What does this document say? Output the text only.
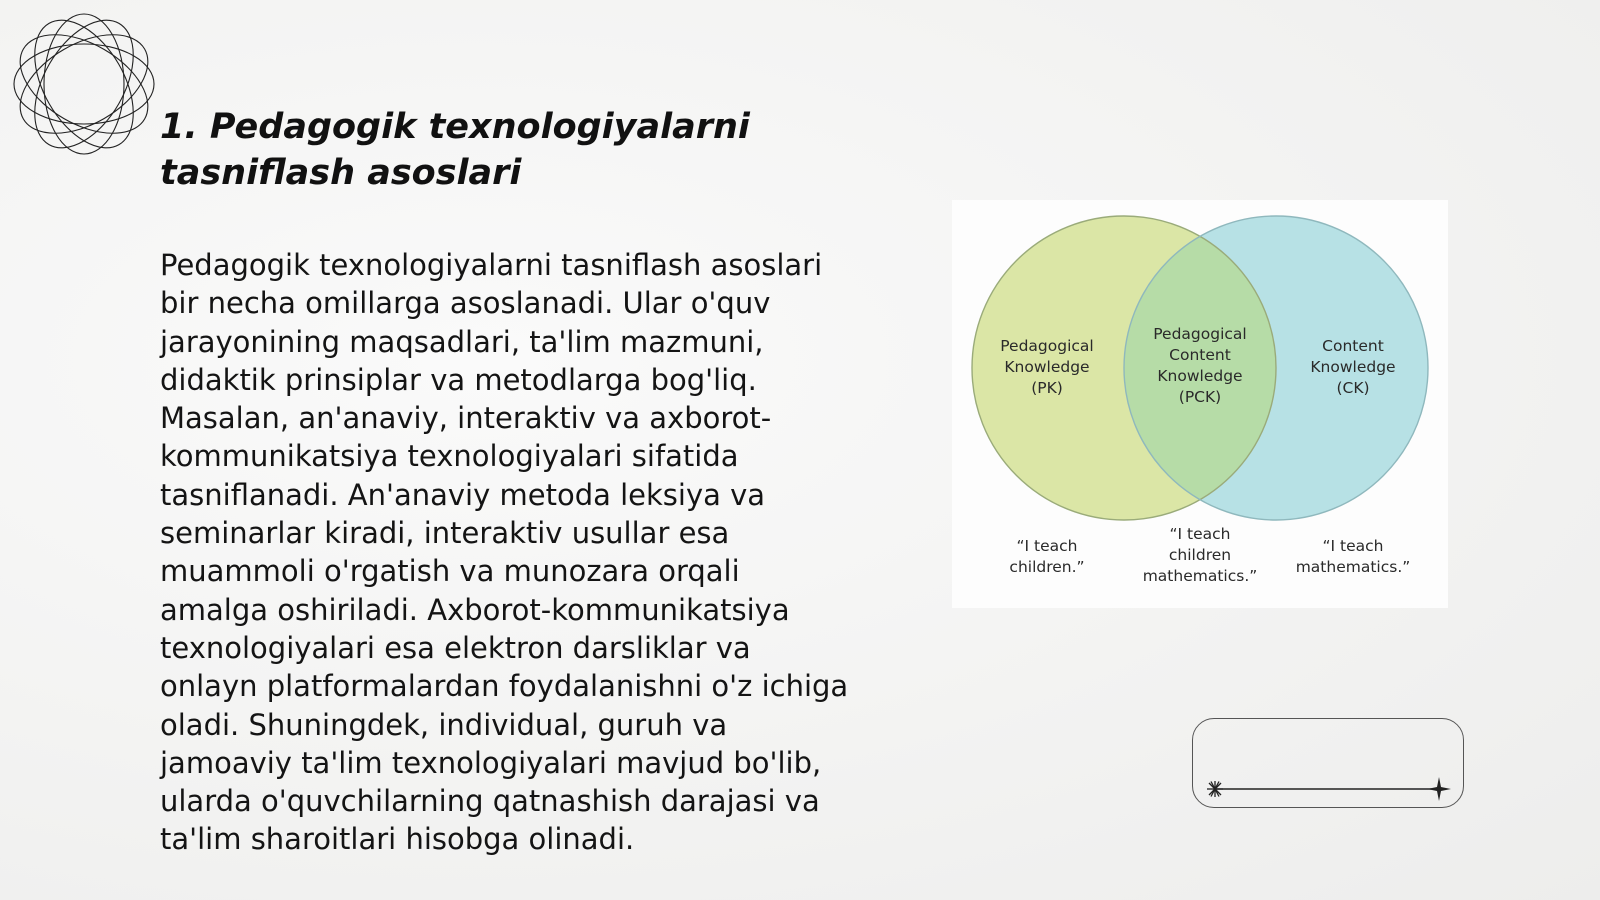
1. Pedagogik texnologiyalarni tasniflash asoslari

Pedagogik texnologiyalarni tasniflash asoslari bir necha omillarga asoslanadi. Ular o'quv jarayonining maqsadlari, ta'lim mazmuni, didaktik prinsiplar va metodlarga bog'liq. Masalan, an'anaviy, interaktiv va axborot-kommunikatsiya texnologiyalari sifatida tasniflanadi. An'anaviy metoda leksiya va seminarlar kiradi, interaktiv usullar esa muammoli o'rgatish va munozara orqali amalga oshiriladi. Axborot-kommunikatsiya texnologiyalari esa elektron darsliklar va onlayn platformalardan foydalanishni o'z ichiga oladi. Shuningdek, individual, guruh va jamoaviy ta'lim texnologiyalari mavjud bo'lib, ularda o'quvchilarning qatnashish darajasi va ta'lim sharoitlari hisobga olinadi.

Pedagogical
Knowledge
(PK)
Pedagogical
Content
Knowledge
(PCK)
Content
Knowledge
(CK)
“I teach
children.”
“I teach
children
mathematics.”
“I teach
mathematics.”
